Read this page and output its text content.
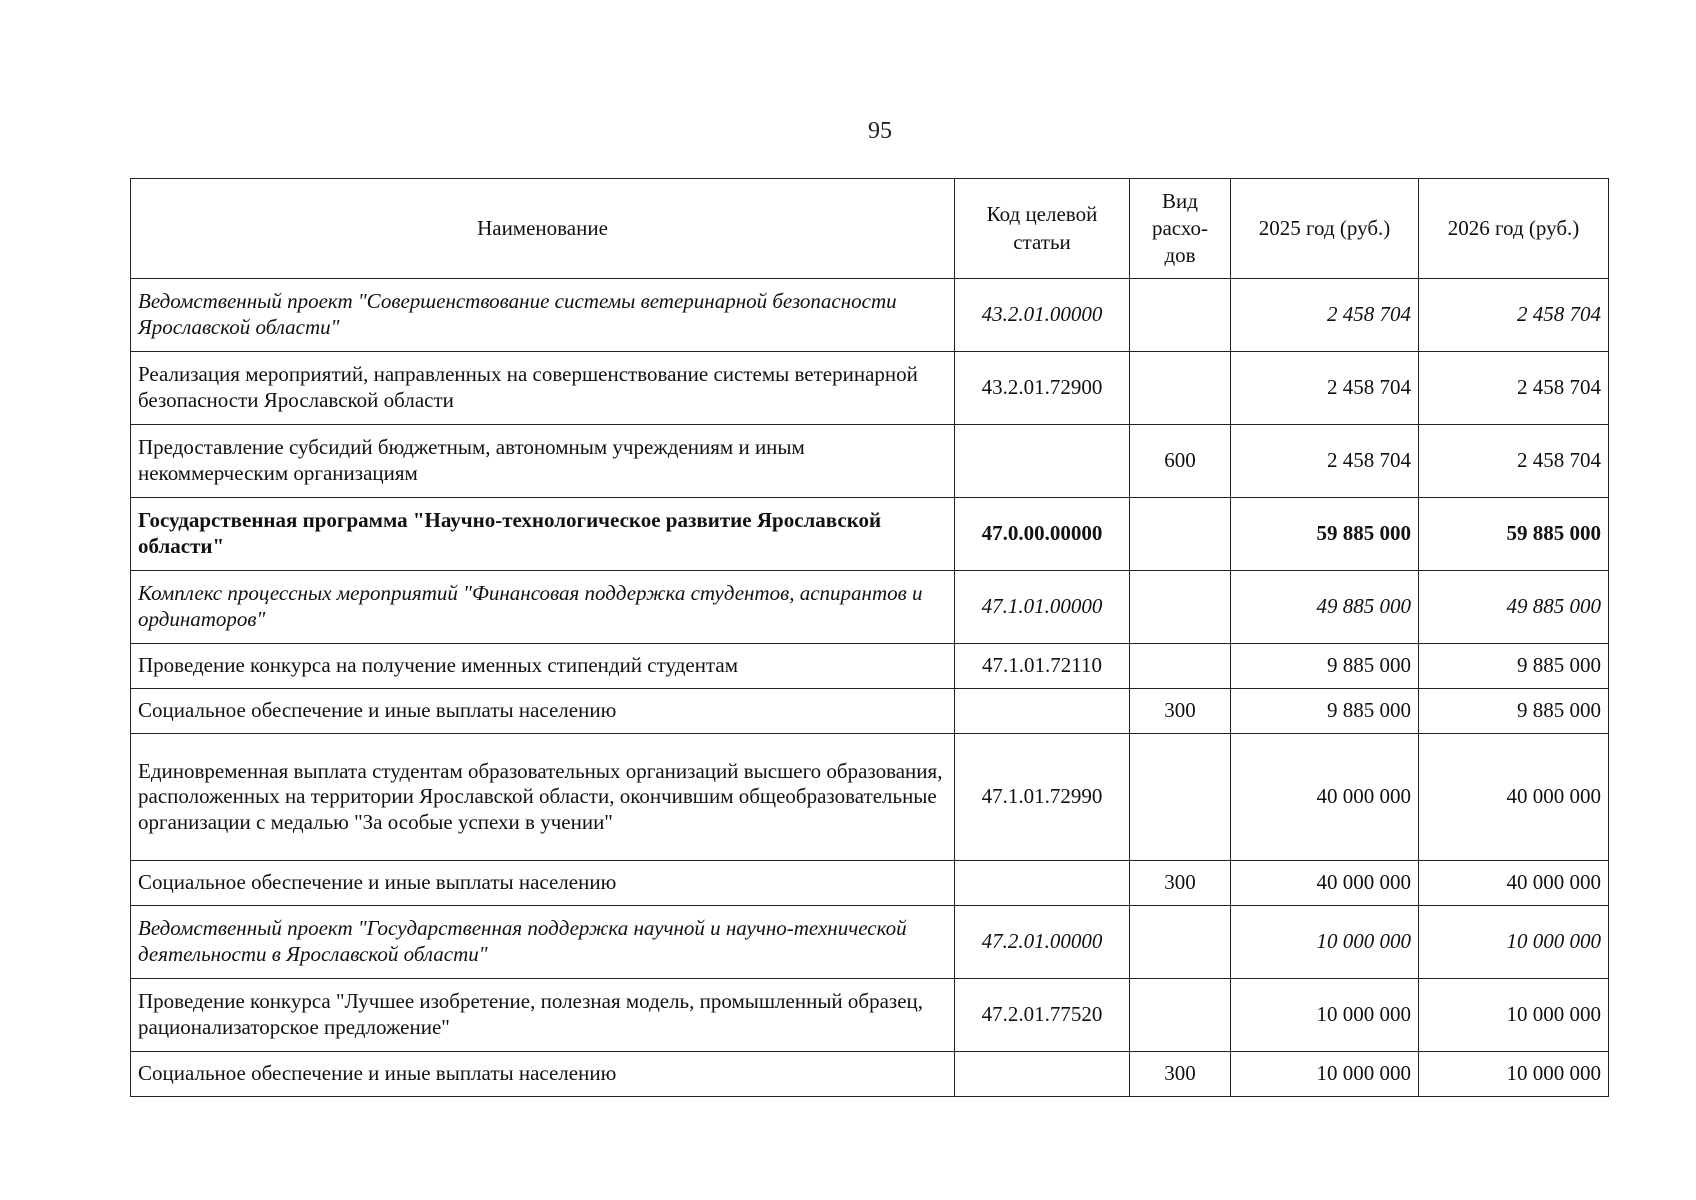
95
Наименование	Код целевой статьи	Вид расхо-дов	2025 год (руб.)	2026 год (руб.)
Ведомственный проект "Совершенствование системы ветеринарной безопасности Ярославской области"	43.2.01.00000		2 458 704	2 458 704
Реализация мероприятий, направленных на совершенствование системы ветеринарной безопасности Ярославской области	43.2.01.72900		2 458 704	2 458 704
Предоставление субсидий бюджетным, автономным учреждениям и иным некоммерческим организациям		600	2 458 704	2 458 704
Государственная программа "Научно-технологическое развитие Ярославской области"	47.0.00.00000		59 885 000	59 885 000
Комплекс процессных мероприятий "Финансовая поддержка студентов, аспирантов и ординаторов"	47.1.01.00000		49 885 000	49 885 000
Проведение конкурса на получение именных стипендий студентам	47.1.01.72110		9 885 000	9 885 000
Социальное обеспечение и иные выплаты населению		300	9 885 000	9 885 000
Единовременная выплата студентам образовательных организаций высшего образования, расположенных на территории Ярославской области, окончившим общеобразовательные организации с медалью "За особые успехи в учении"	47.1.01.72990		40 000 000	40 000 000
Социальное обеспечение и иные выплаты населению		300	40 000 000	40 000 000
Ведомственный проект "Государственная поддержка научной и научно-технической деятельности в Ярославской области"	47.2.01.00000		10 000 000	10 000 000
Проведение конкурса "Лучшее изобретение, полезная модель, промышленный образец, рационализаторское предложение"	47.2.01.77520		10 000 000	10 000 000
Социальное обеспечение и иные выплаты населению		300	10 000 000	10 000 000
